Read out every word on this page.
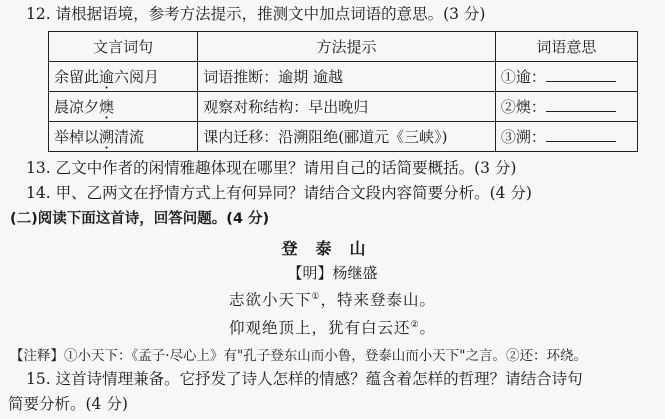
12. 请根据语境，参考方法提示，推测文中加点词语的意思。(3 分)
文言词句	方法提示	词语意思
余留此逾六阅月	词语推断：逾期 逾越	①逾：
晨凉夕燠	观察对称结构：早出晚归	②燠：
举棹以溯清流	课内迁移：沿溯阻绝(郦道元《三峡》)	③溯：
13. 乙文中作者的闲情雅趣体现在哪里？请用自己的话简要概括。(3 分)
14. 甲、乙两文在抒情方式上有何异同？请结合文段内容简要分析。(4 分)
(二)阅读下面这首诗，回答问题。(4 分)
登泰山
【明】杨继盛
志欲小天下①，特来登泰山。
仰观绝顶上，犹有白云还②。
【注释】①小天下：《孟子·尽心上》有"孔子登东山而小鲁，登泰山而小天下"之言。②还：环绕。
15. 这首诗情理兼备。它抒发了诗人怎样的情感？蕴含着怎样的哲理？请结合诗句
简要分析。(4 分)
